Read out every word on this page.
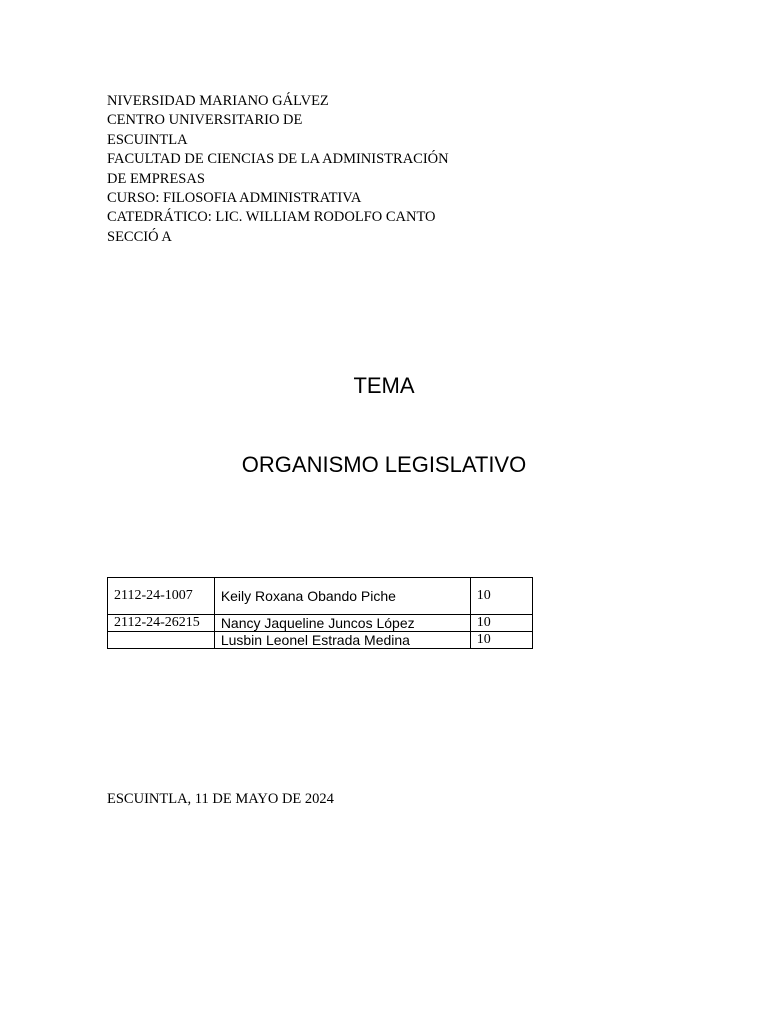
NIVERSIDAD MARIANO GÁLVEZ
CENTRO UNIVERSITARIO DE
ESCUINTLA
FACULTAD DE CIENCIAS DE LA ADMINISTRACIÓN
DE EMPRESAS
CURSO: FILOSOFIA ADMINISTRATIVA
CATEDRÁTICO: LIC. WILLIAM RODOLFO CANTO
SECCIÓ A
TEMA
ORGANISMO LEGISLATIVO
2112-24-1007	Keily Roxana Obando Piche	10
2112-24-26215	Nancy Jaqueline Juncos López	10
	Lusbin Leonel Estrada Medina	10
ESCUINTLA, 11 DE MAYO DE 2024
